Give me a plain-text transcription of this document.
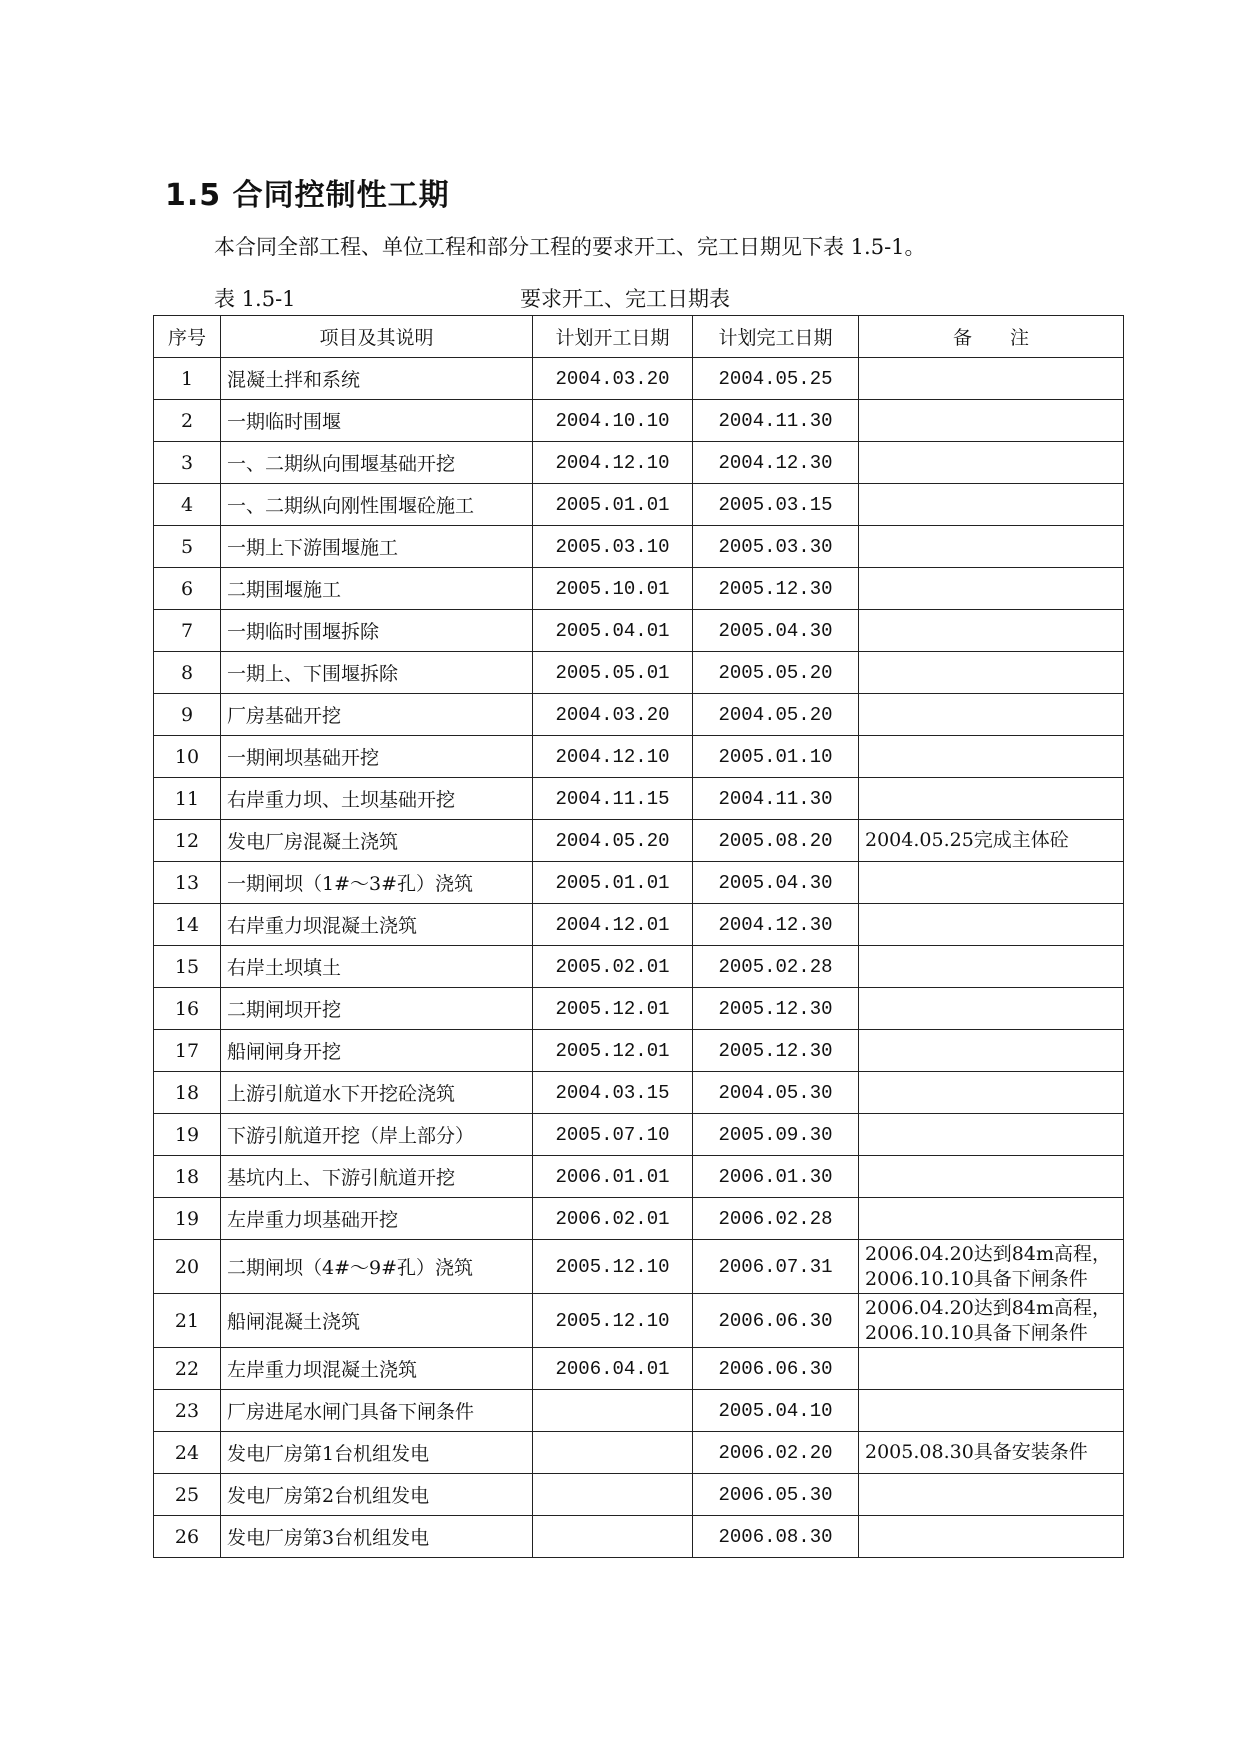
1.5 合同控制性工期
本合同全部工程、单位工程和部分工程的要求开工、完工日期见下表 1.5-1。
表 1.5-1	要求开工、完工日期表
序号	项目及其说明	计划开工日期	计划完工日期	备　　注
1	混凝土拌和系统	2004.03.20	2004.05.25	

2	一期临时围堰	2004.10.10	2004.11.30	

3	一、二期纵向围堰基础开挖	2004.12.10	2004.12.30	

4	一、二期纵向刚性围堰砼施工	2005.01.01	2005.03.15	

5	一期上下游围堰施工	2005.03.10	2005.03.30	

6	二期围堰施工	2005.10.01	2005.12.30	

7	一期临时围堰拆除	2005.04.01	2005.04.30	

8	一期上、下围堰拆除	2005.05.01	2005.05.20	

9	厂房基础开挖	2004.03.20	2004.05.20	

10	一期闸坝基础开挖	2004.12.10	2005.01.10	

11	右岸重力坝、土坝基础开挖	2004.11.15	2004.11.30	

12	发电厂房混凝土浇筑	2004.05.20	2005.08.20	2004.05.25完成主体砼

13	一期闸坝（1#～3#孔）浇筑	2005.01.01	2005.04.30	

14	右岸重力坝混凝土浇筑	2004.12.01	2004.12.30	

15	右岸土坝填土	2005.02.01	2005.02.28	

16	二期闸坝开挖	2005.12.01	2005.12.30	

17	船闸闸身开挖	2005.12.01	2005.12.30	

18	上游引航道水下开挖砼浇筑	2004.03.15	2004.05.30	

19	下游引航道开挖（岸上部分）	2005.07.10	2005.09.30	

18	基坑内上、下游引航道开挖	2006.01.01	2006.01.30	

19	左岸重力坝基础开挖	2006.02.01	2006.02.28	

20	二期闸坝（4#～9#孔）浇筑	2005.12.10	2006.07.31	2006.04.20达到84m高程，
2006.10.10具备下闸条件

21	船闸混凝土浇筑	2005.12.10	2006.06.30	2006.04.20达到84m高程，
2006.10.10具备下闸条件

22	左岸重力坝混凝土浇筑	2006.04.01	2006.06.30	

23	厂房进尾水闸门具备下闸条件		2005.04.10	

24	发电厂房第1台机组发电		2006.02.20	2005.08.30具备安装条件

25	发电厂房第2台机组发电		2006.05.30	

26	发电厂房第3台机组发电		2006.08.30	
